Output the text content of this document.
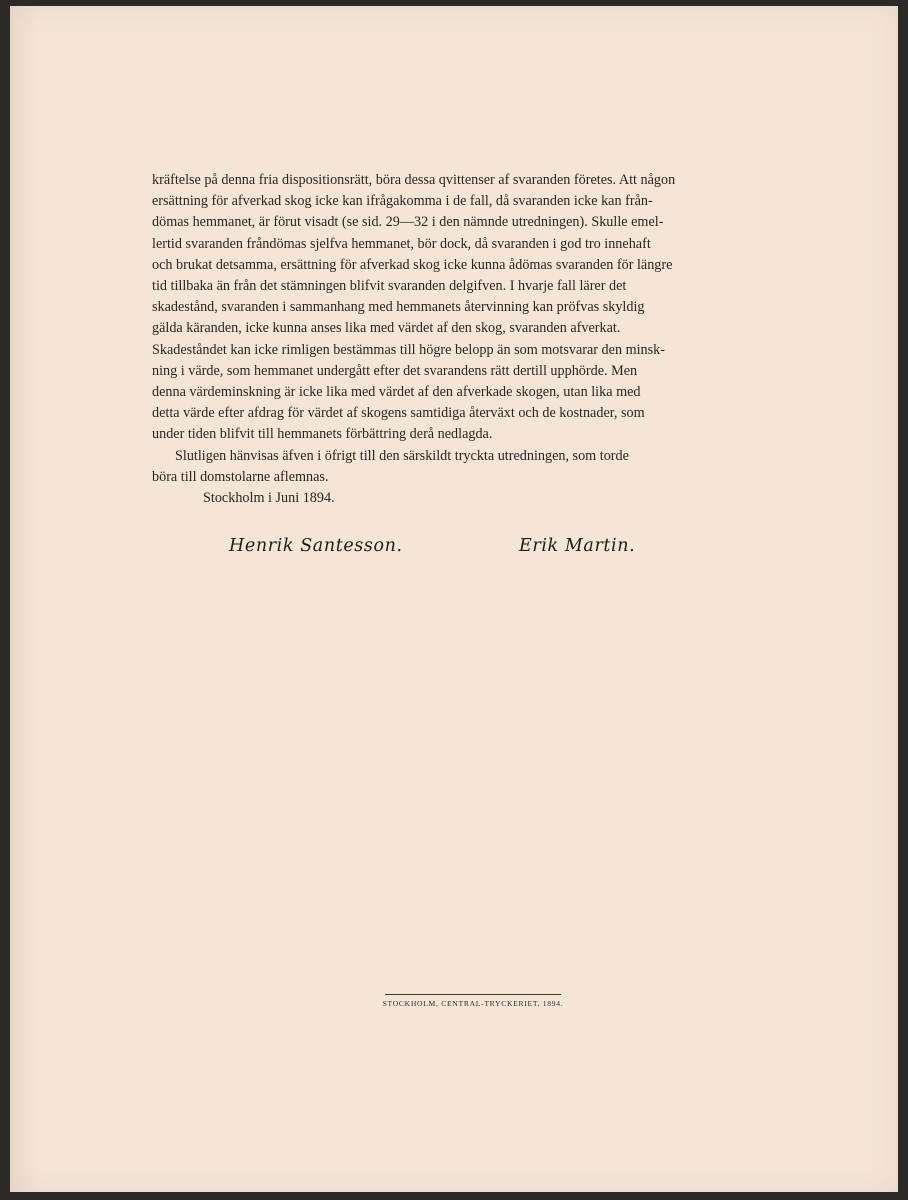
kräftelse på denna fria dispositionsrätt, böra dessa qvittenser af svaranden företes. Att någon

ersättning för afverkad skog icke kan ifrågakomma i de fall, då svaranden icke kan från-

dömas hemmanet, är förut visadt (se sid. 29—32 i den nämnde utredningen). Skulle emel-

lertid svaranden fråndömas sjelfva hemmanet, bör dock, då svaranden i god tro innehaft

och brukat detsamma, ersättning för afverkad skog icke kunna ådömas svaranden för längre

tid tillbaka än från det stämningen blifvit svaranden delgifven. I hvarje fall lärer det

skadestånd, svaranden i sammanhang med hemmanets återvinning kan pröfvas skyldig

gälda käranden, icke kunna anses lika med värdet af den skog, svaranden afverkat.

Skadeståndet kan icke rimligen bestämmas till högre belopp än som motsvarar den minsk-

ning i värde, som hemmanet undergått efter det svarandens rätt dertill upphörde. Men

denna värdeminskning är icke lika med värdet af den afverkade skogen, utan lika med

detta värde efter afdrag för värdet af skogens samtidiga återväxt och de kostnader, som

under tiden blifvit till hemmanets förbättring derå nedlagda.

Slutligen hänvisas äfven i öfrigt till den särskildt tryckta utredningen, som torde

böra till domstolarne aflemnas.

Stockholm i Juni 1894.

Henrik Santesson.	Erik Martin.
STOCKHOLM, CENTRAL-TRYCKERIET, 1894.
